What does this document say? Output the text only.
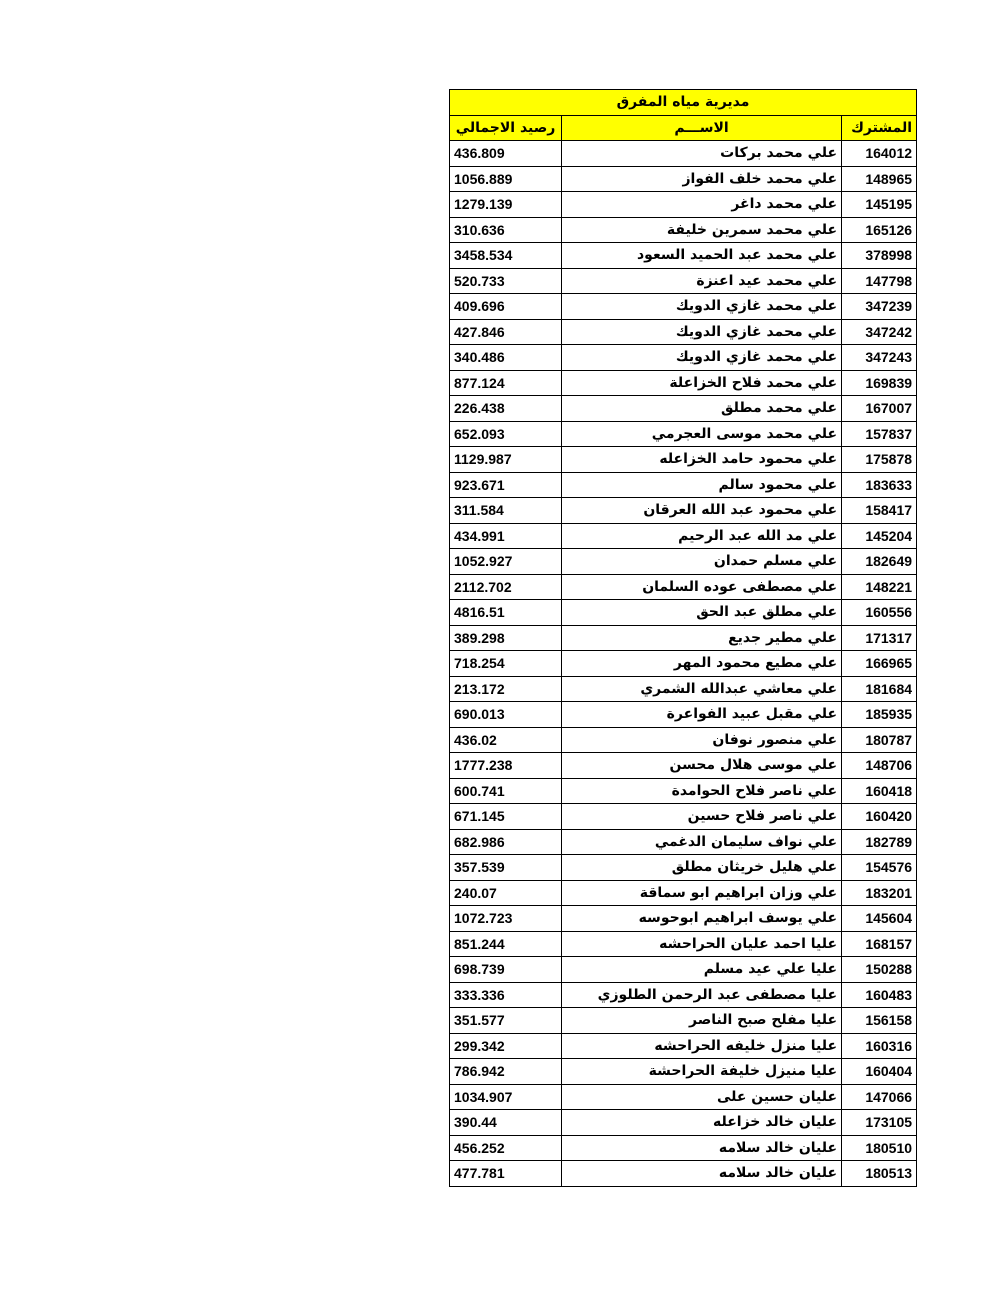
مديرية مياه المفرق		
المشترك	الاســـم	رصيد الاجمالي
164012	علي محمد بركات	436.809
148965	علي محمد خلف الفواز	1056.889
145195	علي محمد داغر	1279.139
165126	علي محمد سمرين خليفة	310.636
378998	علي محمد عبد الحميد السعود	3458.534
147798	علي محمد عيد اعنزة	520.733
347239	علي محمد غازي الدويك	409.696
347242	علي محمد غازي الدويك	427.846
347243	علي محمد غازي الدويك	340.486
169839	علي محمد فلاح الخزاعلة	877.124
167007	علي محمد مطلق	226.438
157837	علي محمد موسى العجرمي	652.093
175878	علي محمود حامد الخزاعله	1129.987
183633	علي محمود سالم	923.671
158417	علي محمود عبد الله العرقان	311.584
145204	علي مد الله عبد الرحيم	434.991
182649	علي مسلم حمدان	1052.927
148221	علي مصطفى عوده السلمان	2112.702
160556	علي مطلق عبد الحق	4816.51
171317	علي مطير جديع	389.298
166965	علي مطيع محمود المهر	718.254
181684	علي معاشي عبدالله الشمري	213.172
185935	علي مقبل عبيد الفواعرة	690.013
180787	علي منصور نوفان	436.02
148706	علي موسى هلال محسن	1777.238
160418	علي ناصر فلاح الحوامدة	600.741
160420	علي ناصر فلاح حسين	671.145
182789	علي نواف سليمان الدغمي	682.986
154576	علي هليل خريثان مطلق	357.539
183201	علي وزان ابراهيم ابو سماقة	240.07
145604	علي يوسف ابراهيم ابوحوسه	1072.723
168157	عليا احمد عليان الحراحشه	851.244
150288	عليا علي عيد مسلم	698.739
160483	عليا مصطفى عبد الرحمن الطلوزي	333.336
156158	عليا مفلح صبح الناصر	351.577
160316	عليا منزل خليفه الحراحشه	299.342
160404	عليا منيزل خليفة الحراحشة	786.942
147066	عليان حسين على	1034.907
173105	عليان خالد خزاعله	390.44
180510	عليان خالد سلامه	456.252
180513	عليان خالد سلامه	477.781
